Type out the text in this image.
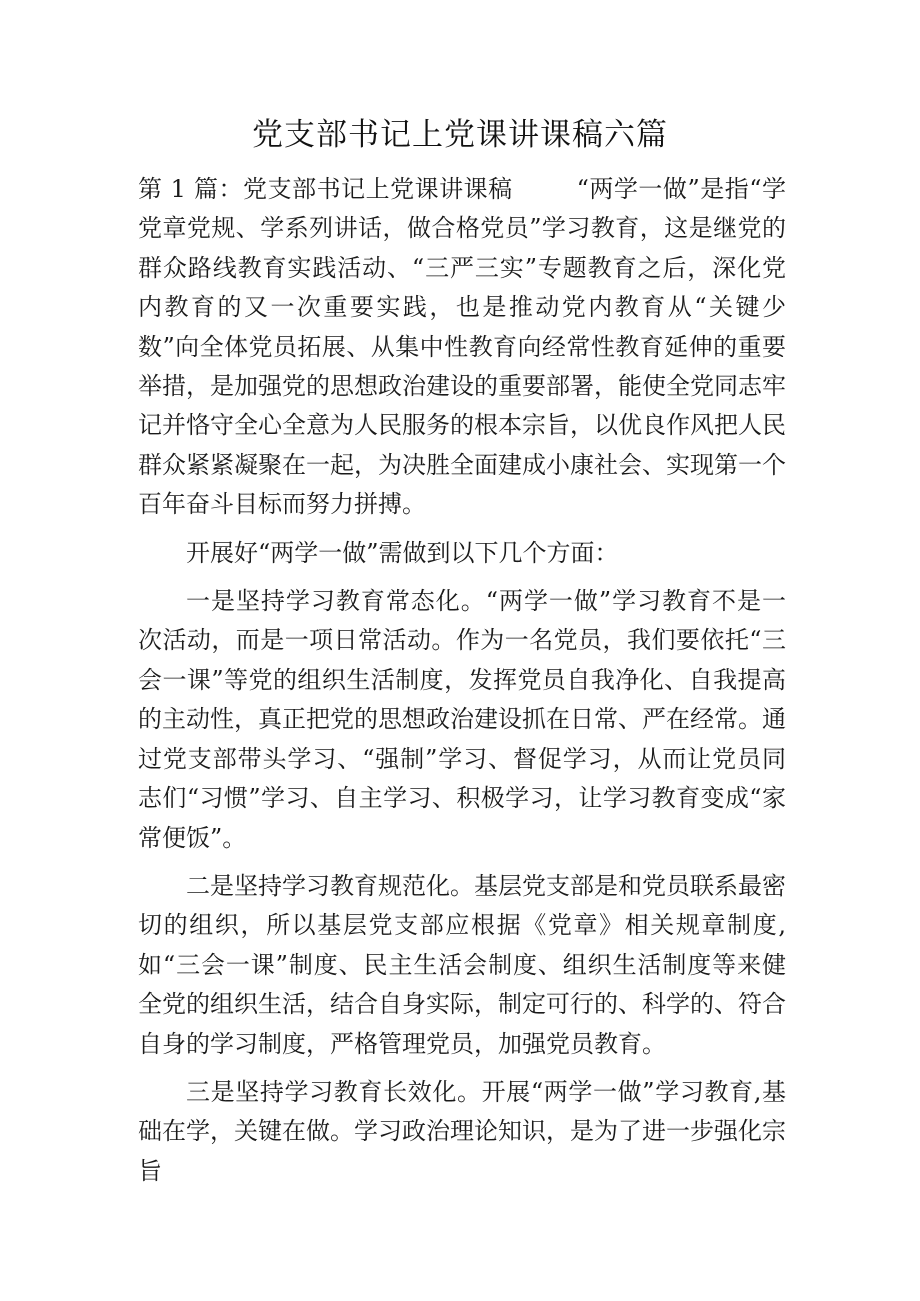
党支部书记上党课讲课稿六篇

第 1 篇：党支部书记上党课讲课稿	“两学一做”是指“学党章党规、学系列讲话，做合格党员”学习教育，这是继党的群众路线教育实践活动、“三严三实”专题教育之后，深化党内教育的又一次重要实践，也是推动党内教育从“关键少数”向全体党员拓展、从集中性教育向经常性教育延伸的重要举措，是加强党的思想政治建设的重要部署，能使全党同志牢记并恪守全心全意为人民服务的根本宗旨，以优良作风把人民群众紧紧凝聚在一起，为决胜全面建成小康社会、实现第一个百年奋斗目标而努力拼搏。

开展好“两学一做”需做到以下几个方面：

一是坚持学习教育常态化。“两学一做”学习教育不是一次活动，而是一项日常活动。作为一名党员，我们要依托“三会一课”等党的组织生活制度，发挥党员自我净化、自我提高的主动性，真正把党的思想政治建设抓在日常、严在经常。通过党支部带头学习、“强制”学习、督促学习，从而让党员同志们“习惯”学习、自主学习、积极学习，让学习教育变成“家常便饭”。

二是坚持学习教育规范化。基层党支部是和党员联系最密切的组织，所以基层党支部应根据《党章》相关规章制度,如“三会一课”制度、民主生活会制度、组织生活制度等来健全党的组织生活，结合自身实际，制定可行的、科学的、符合自身的学习制度，严格管理党员，加强党员教育。

三是坚持学习教育长效化。开展“两学一做”学习教育,基础在学，关键在做。学习政治理论知识，是为了进一步强化宗旨
